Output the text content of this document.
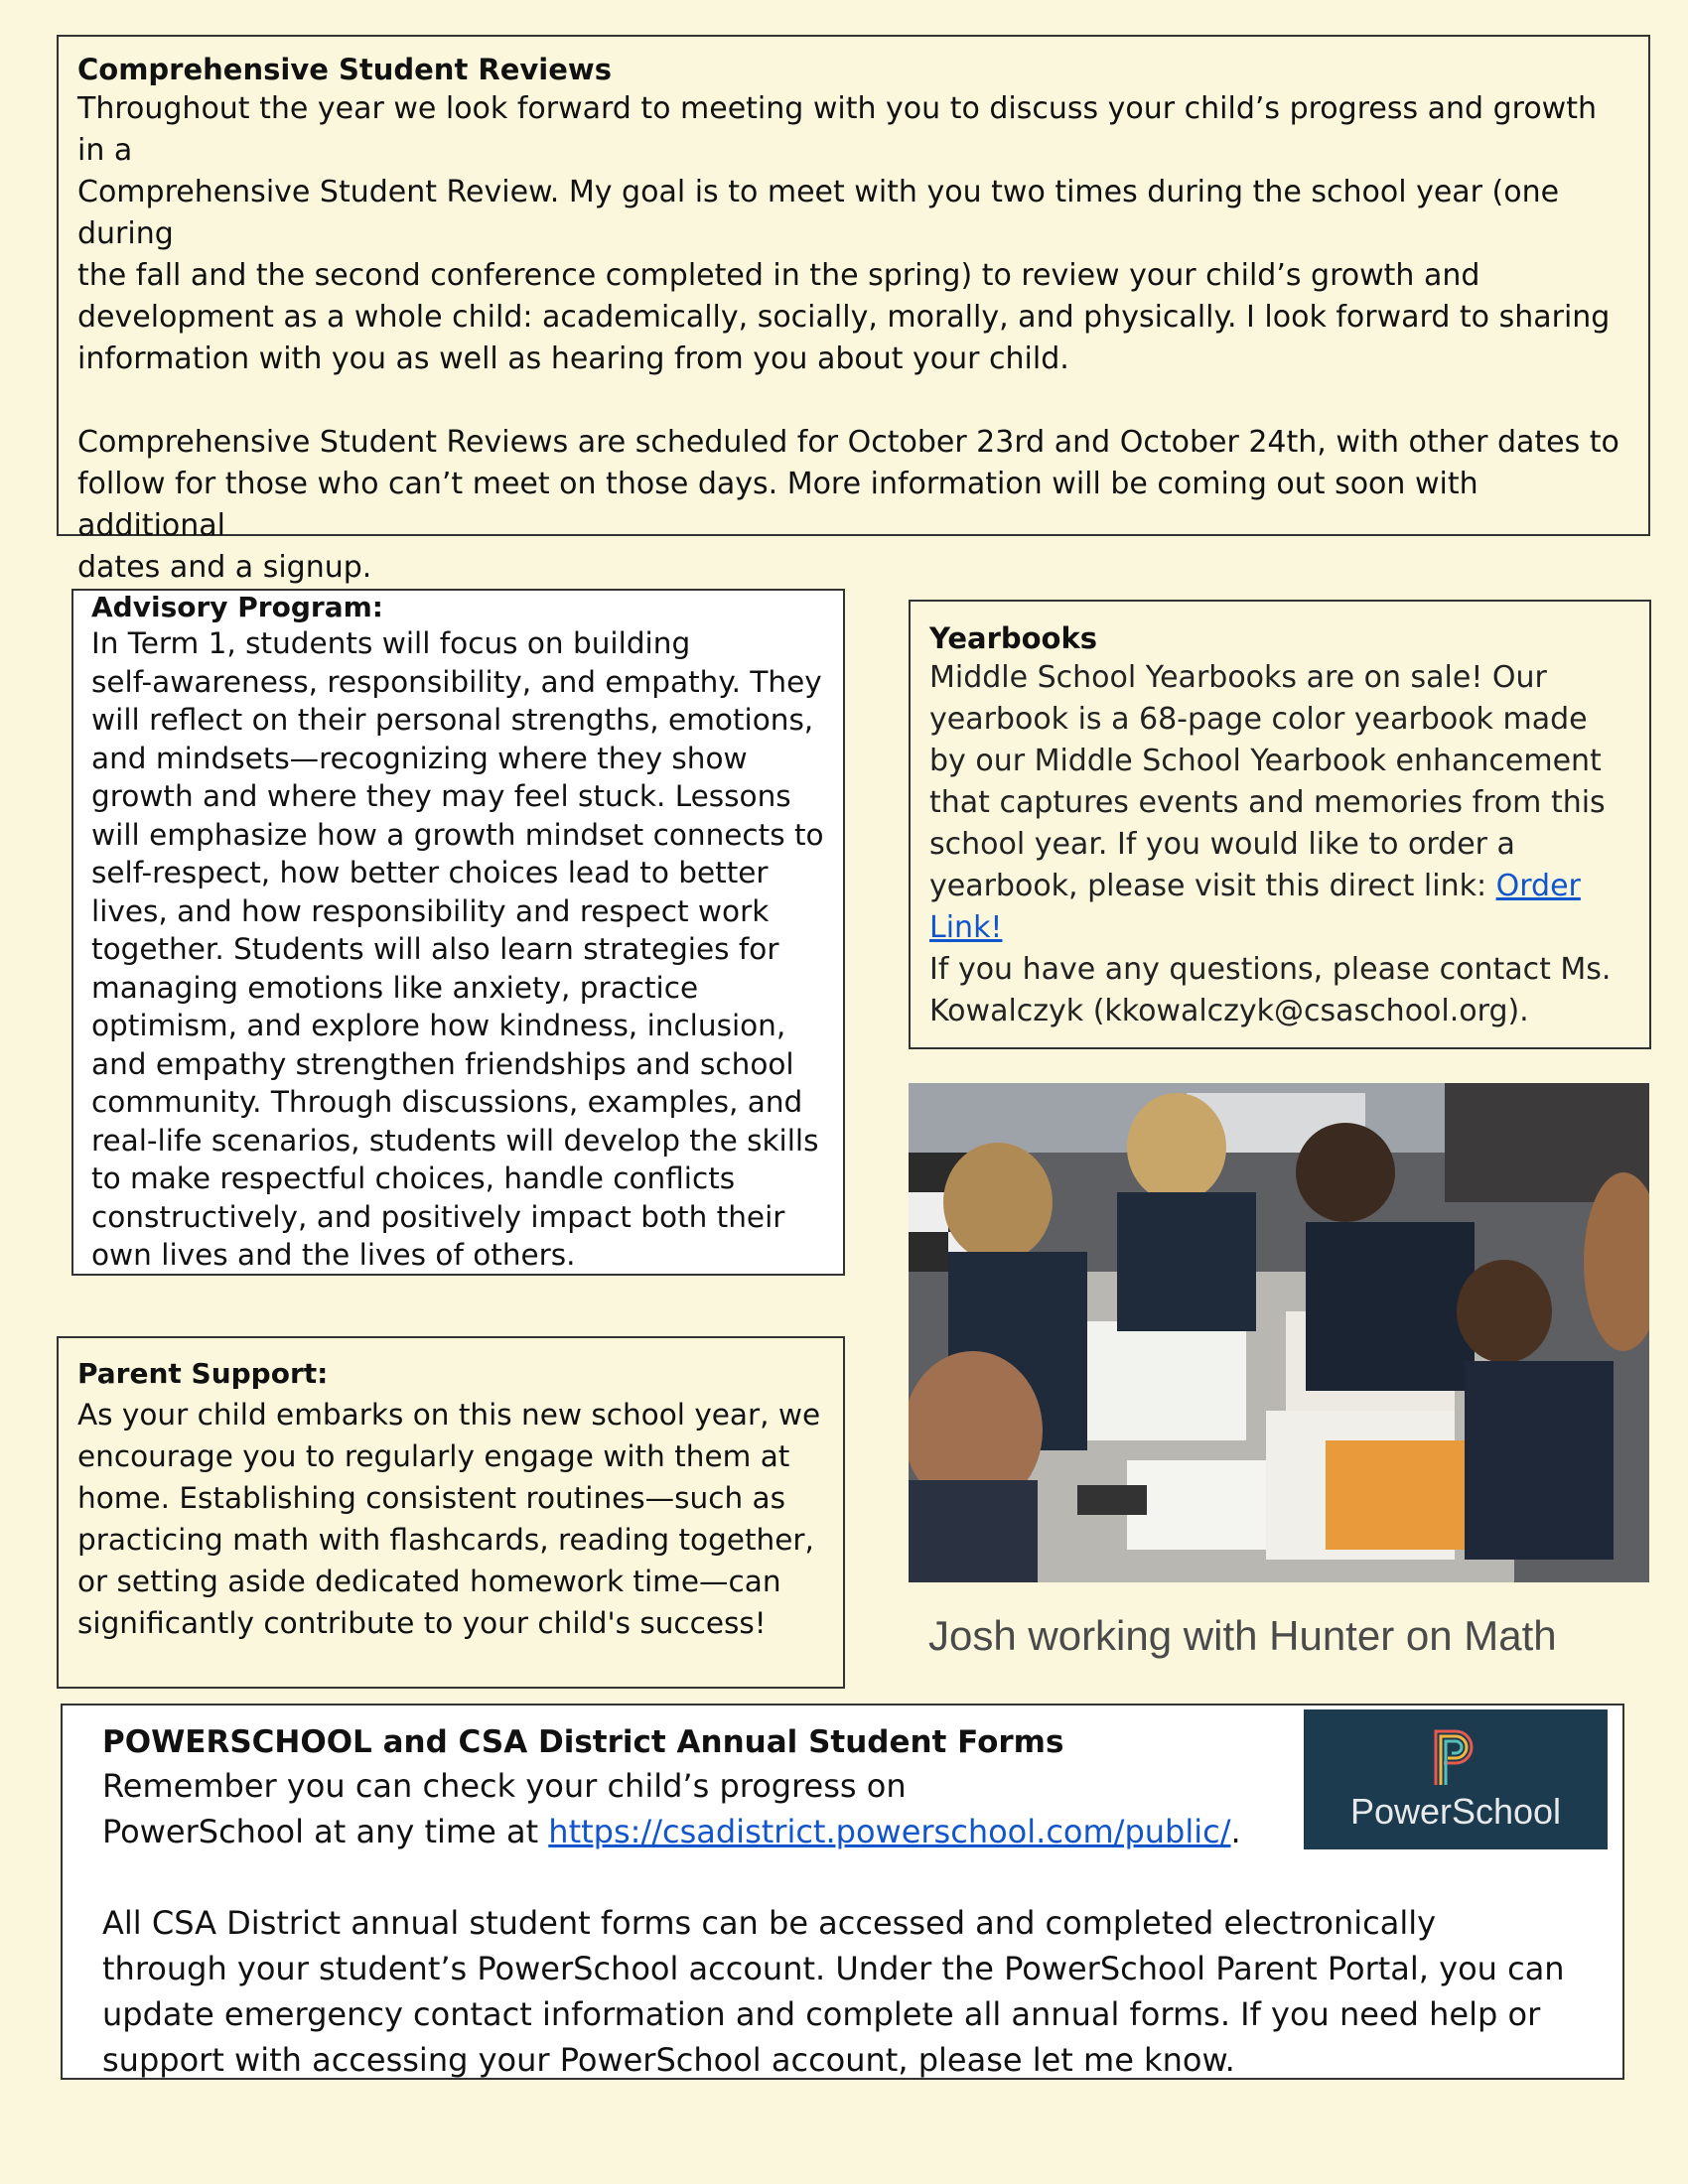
Comprehensive Student Reviews

Throughout the year we look forward to meeting with you to discuss your child’s progress and growth in a
Comprehensive Student Review. My goal is to meet with you two times during the school year (one during
the fall and the second conference completed in the spring) to review your child’s growth and
development as a whole child: academically, socially, morally, and physically. I look forward to sharing
information with you as well as hearing from you about your child.

Comprehensive Student Reviews are scheduled for October 23rd and October 24th, with other dates to
follow for those who can’t meet on those days. More information will be coming out soon with additional
dates and a signup.

Advisory Program:

In Term 1, students will focus on building
self-awareness, responsibility, and empathy. They
will reflect on their personal strengths, emotions,
and mindsets—recognizing where they show
growth and where they may feel stuck. Lessons
will emphasize how a growth mindset connects to
self-respect, how better choices lead to better
lives, and how responsibility and respect work
together. Students will also learn strategies for
managing emotions like anxiety, practice
optimism, and explore how kindness, inclusion,
and empathy strengthen friendships and school
community. Through discussions, examples, and
real-life scenarios, students will develop the skills
to make respectful choices, handle conflicts
constructively, and positively impact both their
own lives and the lives of others.

Yearbooks

Middle School Yearbooks are on sale! Our
yearbook is a 68-page color yearbook made
by our Middle School Yearbook enhancement
that captures events and memories from this
school year. If you would like to order a
yearbook, please visit this direct link: Order Link!
If you have any questions, please contact Ms.
Kowalczyk (kkowalczyk@csaschool.org).

Josh working with Hunter on Math
Parent Support:

As your child embarks on this new school year, we
encourage you to regularly engage with them at
home. Establishing consistent routines—such as
practicing math with flashcards, reading together,
or setting aside dedicated homework time—can
significantly contribute to your child's success!

POWERSCHOOL and CSA District Annual Student Forms

Remember you can check your child’s progress on
PowerSchool at any time at https://csadistrict.powerschool.com/public/.

All CSA District annual student forms can be accessed and completed electronically
through your student’s PowerSchool account. Under the PowerSchool Parent Portal, you can
update emergency contact information and complete all annual forms. If you need help or
support with accessing your PowerSchool account, please let me know.

PowerSchool
